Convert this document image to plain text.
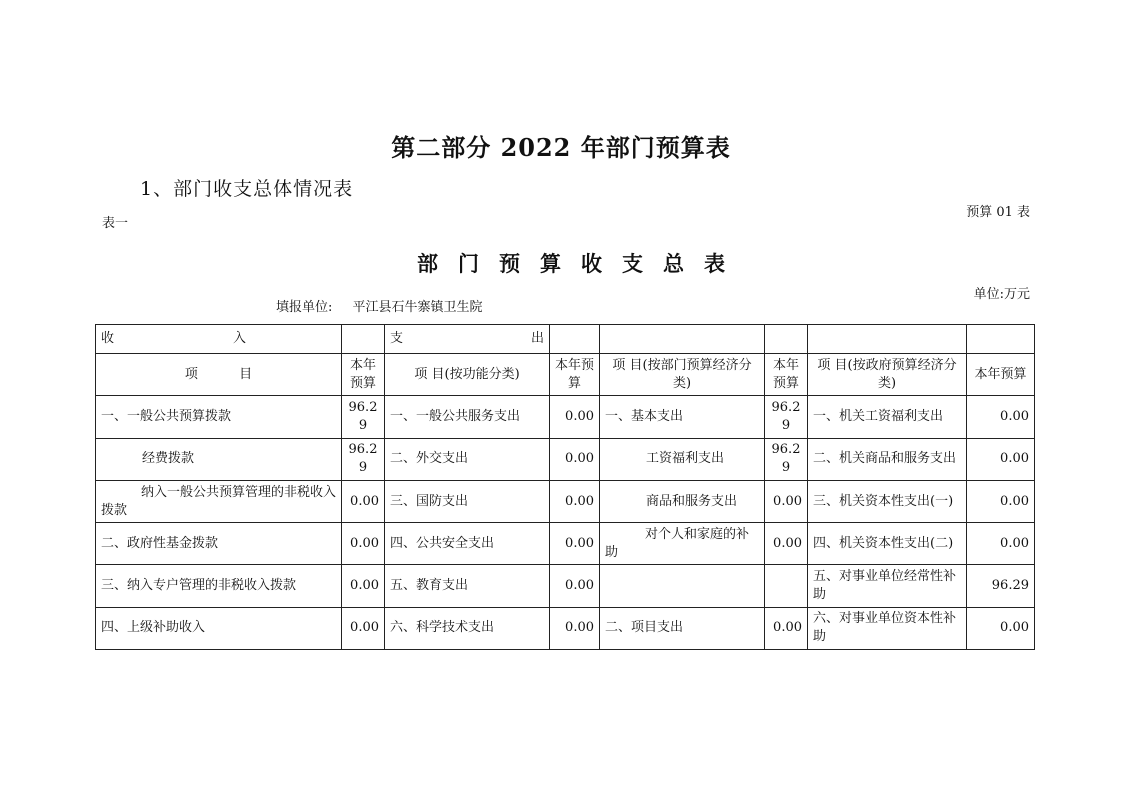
第二部分 2022 年部门预算表
1、部门收支总体情况表
表一
预算 01 表
部门预算收支总表
填报单位: 平江县石牛寨镇卫生院
单位:万元
收 入		支 出					

项          目	本年预算	项 目(按功能分类)	本年预算	项 目(按部门预算经济分类)	本年预算	项 目(按政府预算经济分类)	本年预算
一、一般公共预算拨款	96.29	一、一般公共服务支出	0.00	一、基本支出	96.29	一、机关工资福利支出	0.00
经费拨款	96.29	二、外交支出	0.00	工资福利支出	96.29	二、机关商品和服务支出	0.00
纳入一般公共预算管理的非税收入拨款	0.00	三、国防支出	0.00	商品和服务支出	0.00	三、机关资本性支出(一)	0.00
二、政府性基金拨款	0.00	四、公共安全支出	0.00	对个人和家庭的补助	0.00	四、机关资本性支出(二)	0.00
三、纳入专户管理的非税收入拨款	0.00	五、教育支出	0.00			五、对事业单位经常性补助	96.29
四、上级补助收入	0.00	六、科学技术支出	0.00	二、项目支出	0.00	六、对事业单位资本性补助	0.00
